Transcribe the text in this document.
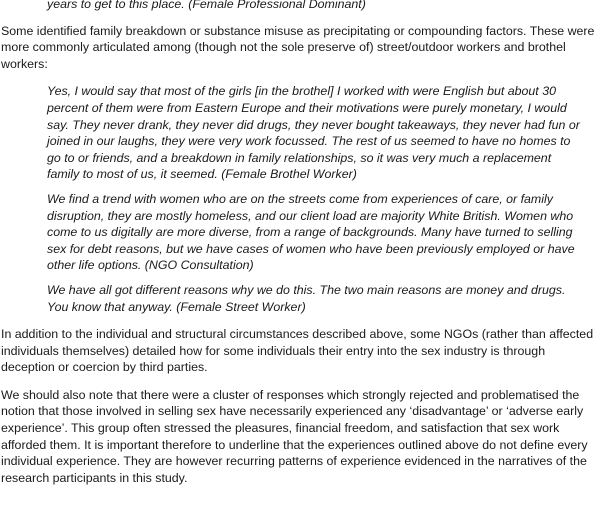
years to get to this place. (Female Professional Dominant)

Some identified family breakdown or substance misuse as precipitating or compounding factors. These were more commonly articulated among (though not the sole preserve of) street/outdoor workers and brothel workers:

Yes, I would say that most of the girls [in the brothel] I worked with were English but about 30 percent of them were from Eastern Europe and their motivations were purely monetary, I would say. They never drank, they never did drugs, they never bought takeaways, they never had fun or joined in our laughs, they were very work focussed. The rest of us seemed to have no homes to go to or friends, and a breakdown in family relationships, so it was very much a replacement family to most of us, it seemed. (Female Brothel Worker)

We find a trend with women who are on the streets come from experiences of care, or family disruption, they are mostly homeless, and our client load are majority White British. Women who come to us digitally are more diverse, from a range of backgrounds. Many have turned to selling sex for debt reasons, but we have cases of women who have been previously employed or have other life options. (NGO Consultation)

We have all got different reasons why we do this. The two main reasons are money and drugs. You know that anyway. (Female Street Worker)

In addition to the individual and structural circumstances described above, some NGOs (rather than affected individuals themselves) detailed how for some individuals their entry into the sex industry is through deception or coercion by third parties.

We should also note that there were a cluster of responses which strongly rejected and problematised the notion that those involved in selling sex have necessarily experienced any ‘disadvantage’ or ‘adverse early experience’. This group often stressed the pleasures, financial freedom, and satisfaction that sex work afforded them. It is important therefore to underline that the experiences outlined above do not define every individual experience. They are however recurring patterns of experience evidenced in the narratives of the research participants in this study.
